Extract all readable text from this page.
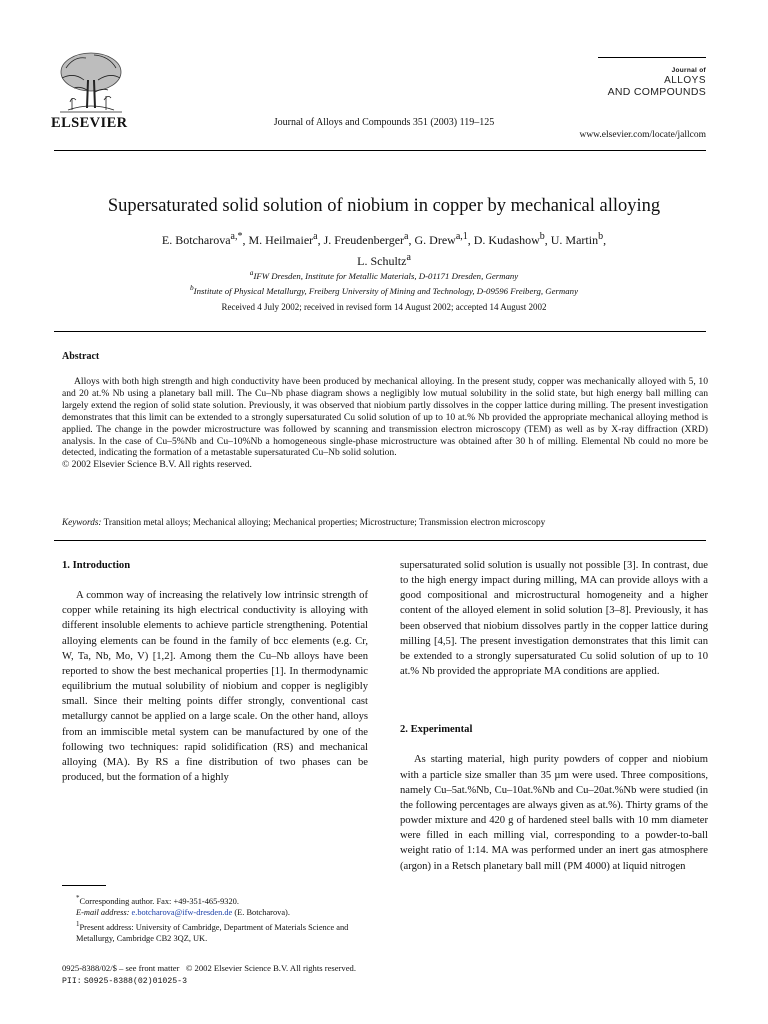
ELSEVIER	Journal of Alloys and Compounds 351 (2003) 119–125
Journal of
ALLOYS
AND COMPOUNDS
www.elsevier.com/locate/jallcom
Supersaturated solid solution of niobium in copper by mechanical alloying
E. Botcharova$^{a,*}$, M. Heilmaier$^a$, J. Freudenberger$^a$, G. Drew$^{a,1}$, D. Kudashow$^b$, U. Martin$^b$,
L. Schultz$^a$
$^a$IFW Dresden, Institute for Metallic Materials, D-01171 Dresden, Germany
$^b$Institute of Physical Metallurgy, Freiberg University of Mining and Technology, D-09596 Freiberg, Germany
Received 4 July 2002; received in revised form 14 August 2002; accepted 14 August 2002
Abstract
Alloys with both high strength and high conductivity have been produced by mechanical alloying. In the present study, copper was mechanically alloyed with 5, 10 and 20 at.% Nb using a planetary ball mill. The Cu–Nb phase diagram shows a negligibly low mutual solubility in the solid state, but high energy ball milling can largely extend the region of solid state solution. Previously, it was observed that niobium partly dissolves in the copper lattice during milling. The present investigation demonstrates that this limit can be extended to a strongly supersaturated Cu solid solution of up to 10 at.% Nb provided the appropriate mechanical alloying method is applied. The change in the powder microstructure was followed by scanning and transmission electron microscopy (TEM) as well as by X-ray diffraction (XRD) analysis. In the case of Cu–5%Nb and Cu–10%Nb a homogeneous single-phase microstructure was obtained after 30 h of milling. Elemental Nb could no more be detected, indicating the formation of a metastable supersaturated Cu–Nb solid solution.
© 2002 Elsevier Science B.V. All rights reserved.
Keywords: Transition metal alloys; Mechanical alloying; Mechanical properties; Microstructure; Transmission electron microscopy
1. Introduction
A common way of increasing the relatively low intrinsic strength of copper while retaining its high electrical conductivity is alloying with different insoluble elements to achieve particle strengthening. Potential alloying elements can be found in the family of bcc elements (e.g. Cr, W, Ta, Nb, Mo, V) [1,2]. Among them the Cu–Nb alloys have been reported to show the best mechanical properties [1]. In thermodynamic equilibrium the mutual solubility of niobium and copper is negligibly small. Since their melting points differ strongly, conventional cast metallurgy cannot be applied on a large scale. On the other hand, alloys from an immiscible metal system can be manufactured by one of the following two techniques: rapid solidification (RS) and mechanical alloying (MA). By RS a fine distribution of two phases can be produced, but the formation of a highly
supersaturated solid solution is usually not possible [3]. In contrast, due to the high energy impact during milling, MA can provide alloys with a good compositional and microstructural homogeneity and a higher content of the alloyed element in solid solution [3–8]. Previously, it has been observed that niobium dissolves partly in the copper lattice during milling [4,5]. The present investigation demonstrates that this limit can be extended to a strongly supersaturated Cu solid solution of up to 10 at.% Nb provided the appropriate MA conditions are applied.
2. Experimental
As starting material, high purity powders of copper and niobium with a particle size smaller than 35 µm were used. Three compositions, namely Cu–5at.%Nb, Cu–10at.%Nb and Cu–20at.%Nb were studied (in the following percentages are always given as at.%). Thirty grams of the powder mixture and 420 g of hardened steel balls with 10 mm diameter were filled in each milling vial, corresponding to a powder-to-ball weight ratio of 1:14. MA was performed under an inert gas atmosphere (argon) in a Retsch planetary ball mill (PM 4000) at liquid nitrogen
*Corresponding author. Fax: +49-351-465-9320.
E-mail address: e.botcharova@ifw-dresden.de (E. Botcharova).
$^1$Present address: University of Cambridge, Department of Materials Science and Metallurgy, Cambridge CB2 3QZ, UK.
0925-8388/02/$ – see front matter © 2002 Elsevier Science B.V. All rights reserved.
PII: S0925-8388(02)01025-3
